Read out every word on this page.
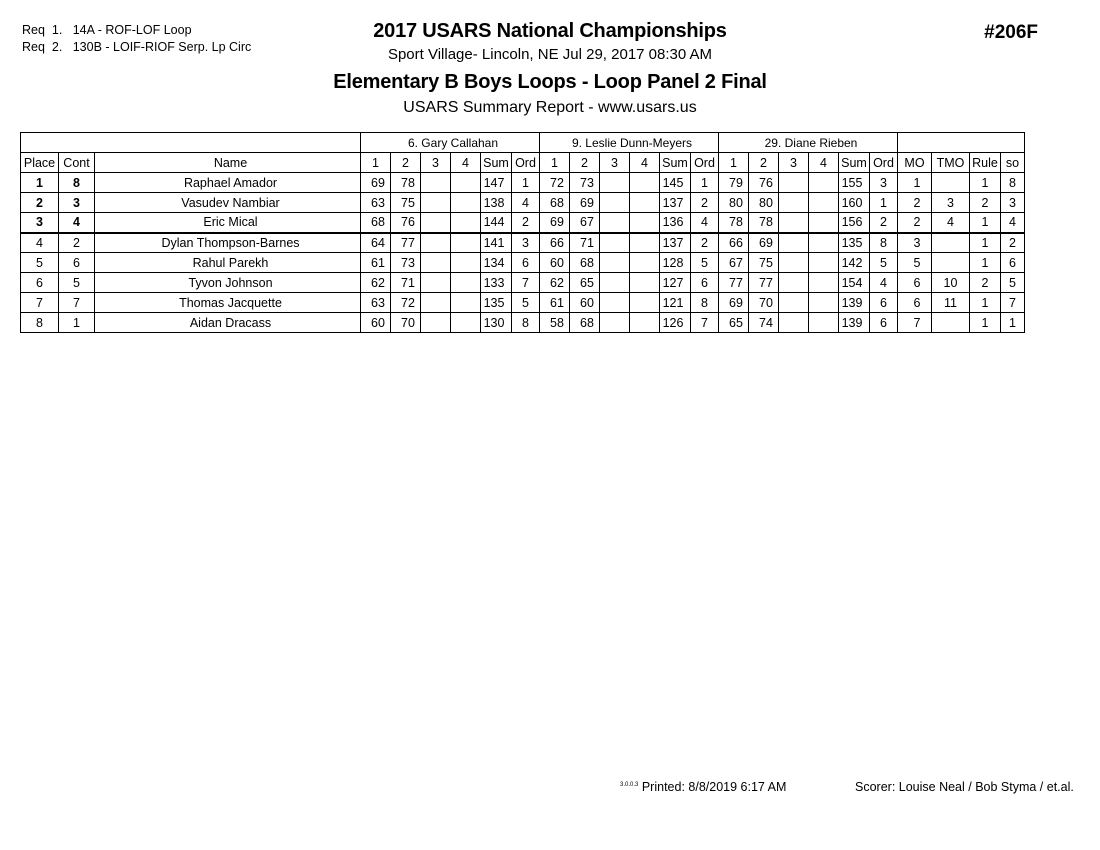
Req  1.   14A - ROF-LOF Loop
Req  2.   130B - LOIF-RIOF Serp. Lp Circ
2017 USARS National Championships
Sport Village- Lincoln, NE Jul 29, 2017 08:30 AM
Elementary B Boys Loops - Loop Panel 2 Final
USARS Summary Report - www.usars.us
#206F
			6. Gary Callahan						9. Leslie Dunn-Meyers						29. Diane Rieben									
Place	Cont	Name	1	2	3	4	Sum	Ord	1	2	3	4	Sum	Ord	1	2	3	4	Sum	Ord	MO	TMO	Rule	so
1	8	Raphael Amador	69	78			147	1	72	73			145	1	79	76			155	3	1		1	8
2	3	Vasudev Nambiar	63	75			138	4	68	69			137	2	80	80			160	1	2	3	2	3
3	4	Eric Mical	68	76			144	2	69	67			136	4	78	78			156	2	2	4	1	4
4	2	Dylan Thompson-Barnes	64	77			141	3	66	71			137	2	66	69			135	8	3		1	2
5	6	Rahul Parekh	61	73			134	6	60	68			128	5	67	75			142	5	5		1	6
6	5	Tyvon Johnson	62	71			133	7	62	65			127	6	77	77			154	4	6	10	2	5
7	7	Thomas Jacquette	63	72			135	5	61	60			121	8	69	70			139	6	6	11	1	7
8	1	Aidan Dracass	60	70			130	8	58	68			126	7	65	74			139	6	7		1	1
$^{3.0.0.3}$ Printed: 8/8/2019 6:17 AM	Scorer: Louise Neal / Bob Styma / et.al.
